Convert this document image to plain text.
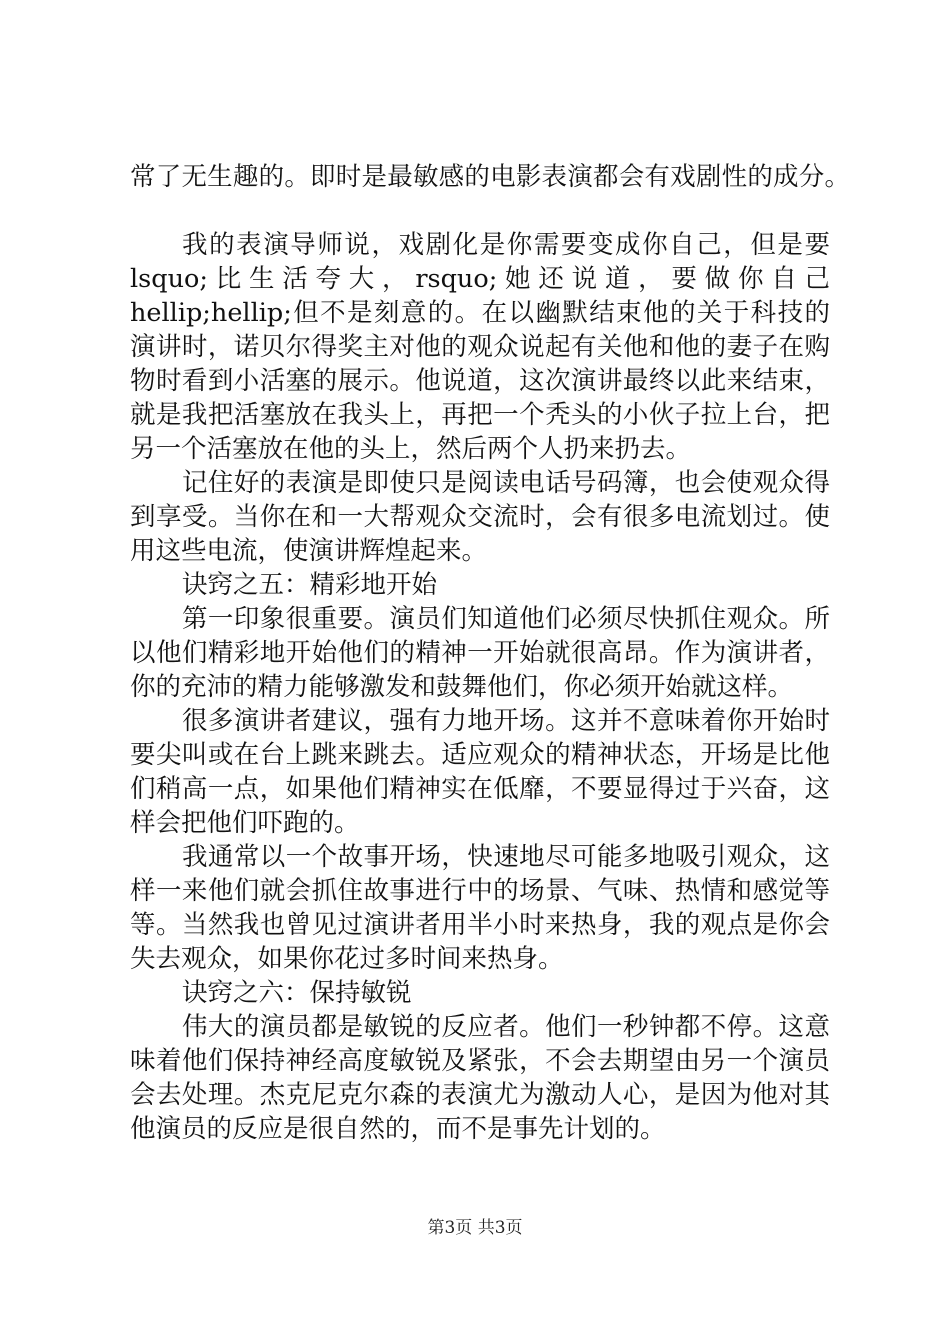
常了无生趣的。即时是最敏感的电影表演都会有戏剧性的成分。
我的表演导师说，戏剧化是你需要变成你自己，但是要
lsquo;比生活夸大，rsquo;她还说道，要做你自己
hellip;hellip;但不是刻意的。在以幽默结束他的关于科技的
演讲时，诺贝尔得奖主对他的观众说起有关他和他的妻子在购
物时看到小活塞的展示。他说道，这次演讲最终以此来结束，
就是我把活塞放在我头上，再把一个秃头的小伙子拉上台，把
另一个活塞放在他的头上，然后两个人扔来扔去。
记住好的表演是即使只是阅读电话号码簿，也会使观众得
到享受。当你在和一大帮观众交流时，会有很多电流划过。使
用这些电流，使演讲辉煌起来。
诀窍之五：精彩地开始
第一印象很重要。演员们知道他们必须尽快抓住观众。所
以他们精彩地开始他们的精神一开始就很高昂。作为演讲者，
你的充沛的精力能够激发和鼓舞他们，你必须开始就这样。
很多演讲者建议，强有力地开场。这并不意味着你开始时
要尖叫或在台上跳来跳去。适应观众的精神状态，开场是比他
们稍高一点，如果他们精神实在低靡，不要显得过于兴奋，这
样会把他们吓跑的。
我通常以一个故事开场，快速地尽可能多地吸引观众，这
样一来他们就会抓住故事进行中的场景、气味、热情和感觉等
等。当然我也曾见过演讲者用半小时来热身，我的观点是你会
失去观众，如果你花过多时间来热身。
诀窍之六：保持敏锐
伟大的演员都是敏锐的反应者。他们一秒钟都不停。这意
味着他们保持神经高度敏锐及紧张，不会去期望由另一个演员
会去处理。杰克尼克尔森的表演尤为激动人心，是因为他对其
他演员的反应是很自然的，而不是事先计划的。
第3页 共3页
